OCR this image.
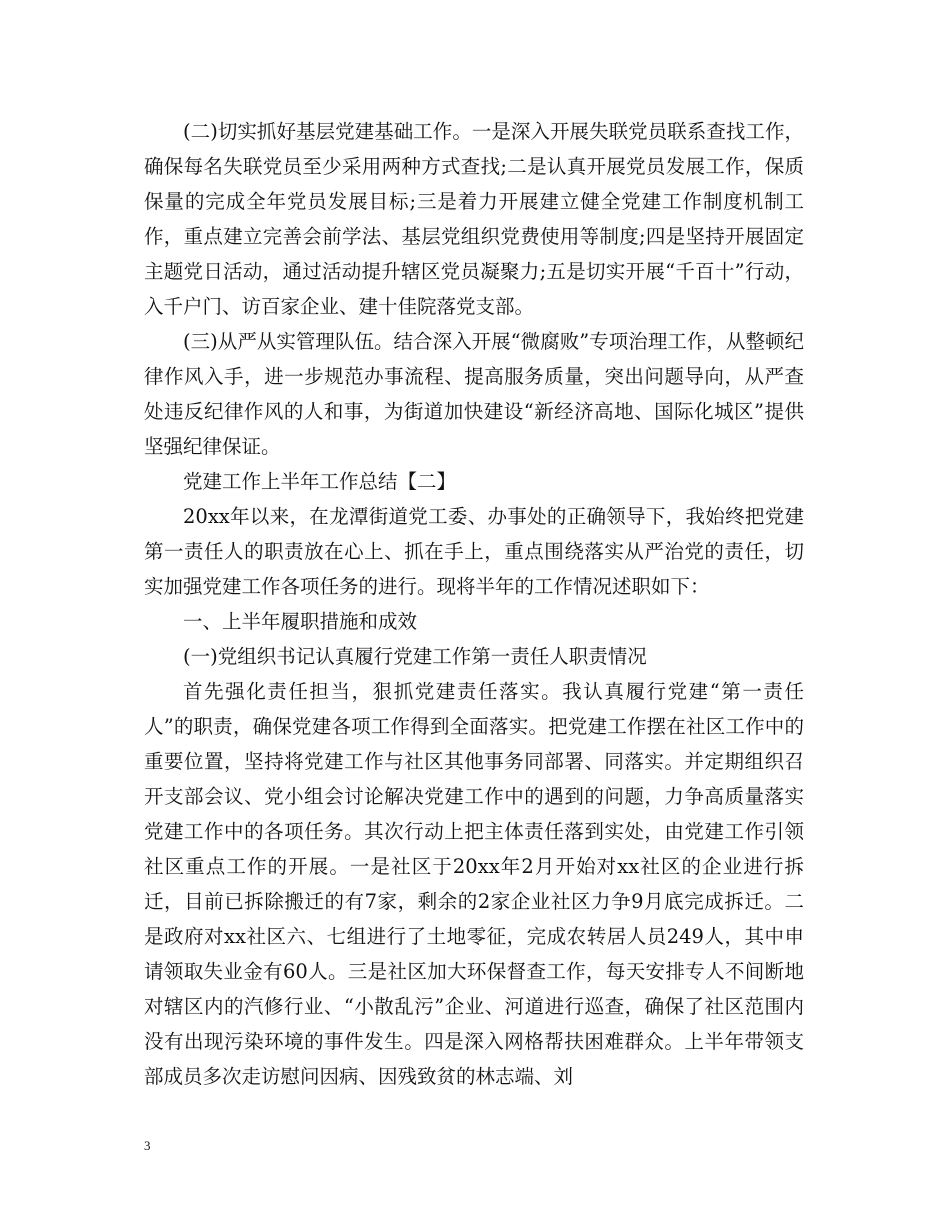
(二)切实抓好基层党建基础工作。一是深入开展失联党员联系查找工作，确保每名失联党员至少采用两种方式查找;二是认真开展党员发展工作，保质保量的完成全年党员发展目标;三是着力开展建立健全党建工作制度机制工作，重点建立完善会前学法、基层党组织党费使用等制度;四是坚持开展固定主题党日活动，通过活动提升辖区党员凝聚力;五是切实开展“千百十”行动，入千户门、访百家企业、建十佳院落党支部。

(三)从严从实管理队伍。结合深入开展“微腐败”专项治理工作，从整顿纪律作风入手，进一步规范办事流程、提高服务质量，突出问题导向，从严查处违反纪律作风的人和事，为街道加快建设“新经济高地、国际化城区”提供坚强纪律保证。

党建工作上半年工作总结【二】

20xx年以来，在龙潭街道党工委、办事处的正确领导下，我始终把党建第一责任人的职责放在心上、抓在手上，重点围绕落实从严治党的责任，切实加强党建工作各项任务的进行。现将半年的工作情况述职如下：

一、上半年履职措施和成效

(一)党组织书记认真履行党建工作第一责任人职责情况

首先强化责任担当，狠抓党建责任落实。我认真履行党建“第一责任人”的职责，确保党建各项工作得到全面落实。把党建工作摆在社区工作中的重要位置，坚持将党建工作与社区其他事务同部署、同落实。并定期组织召开支部会议、党小组会讨论解决党建工作中的遇到的问题，力争高质量落实党建工作中的各项任务。其次行动上把主体责任落到实处，由党建工作引领社区重点工作的开展。一是社区于20xx年2月开始对xx社区的企业进行拆迁，目前已拆除搬迁的有7家，剩余的2家企业社区力争9月底完成拆迁。二是政府对xx社区六、七组进行了土地零征，完成农转居人员249人，其中申请领取失业金有60人。三是社区加大环保督查工作，每天安排专人不间断地对辖区内的汽修行业、“小散乱污”企业、河道进行巡查，确保了社区范围内没有出现污染环境的事件发生。四是深入网格帮扶困难群众。上半年带领支部成员多次走访慰问因病、因残致贫的林志端、刘

3
